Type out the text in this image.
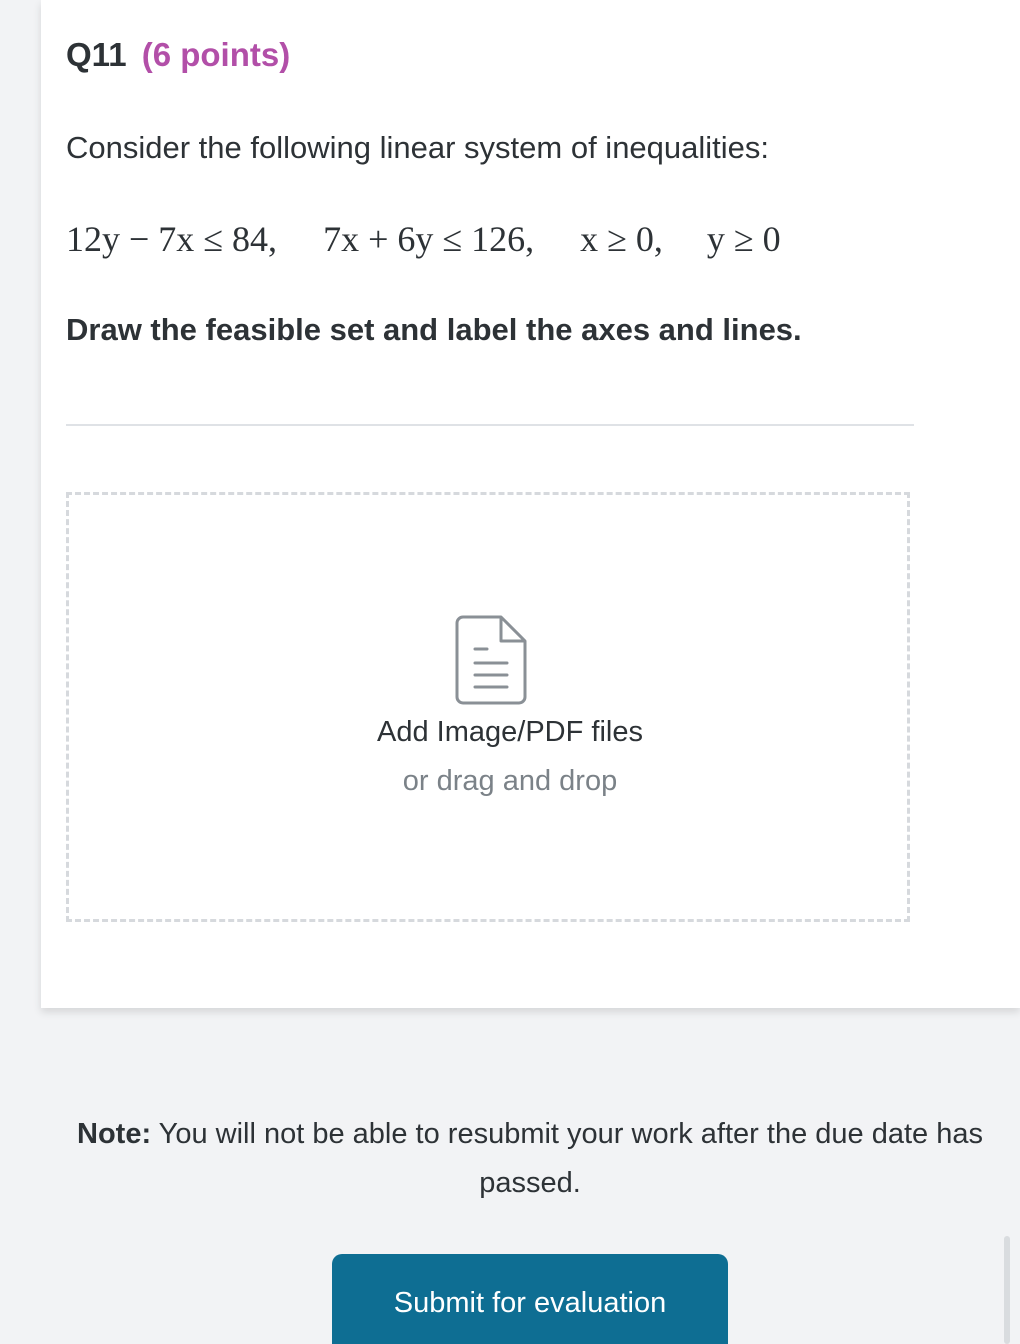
Q11 (6 points)
Consider the following linear system of inequalities:
12y − 7x ≤ 84, 7x + 6y ≤ 126, x ≥ 0, y ≥ 0
Draw the feasible set and label the axes and lines.
Add Image/PDF files
or drag and drop
Note: You will not be able to resubmit your work after the due date has passed.
Submit for evaluation
